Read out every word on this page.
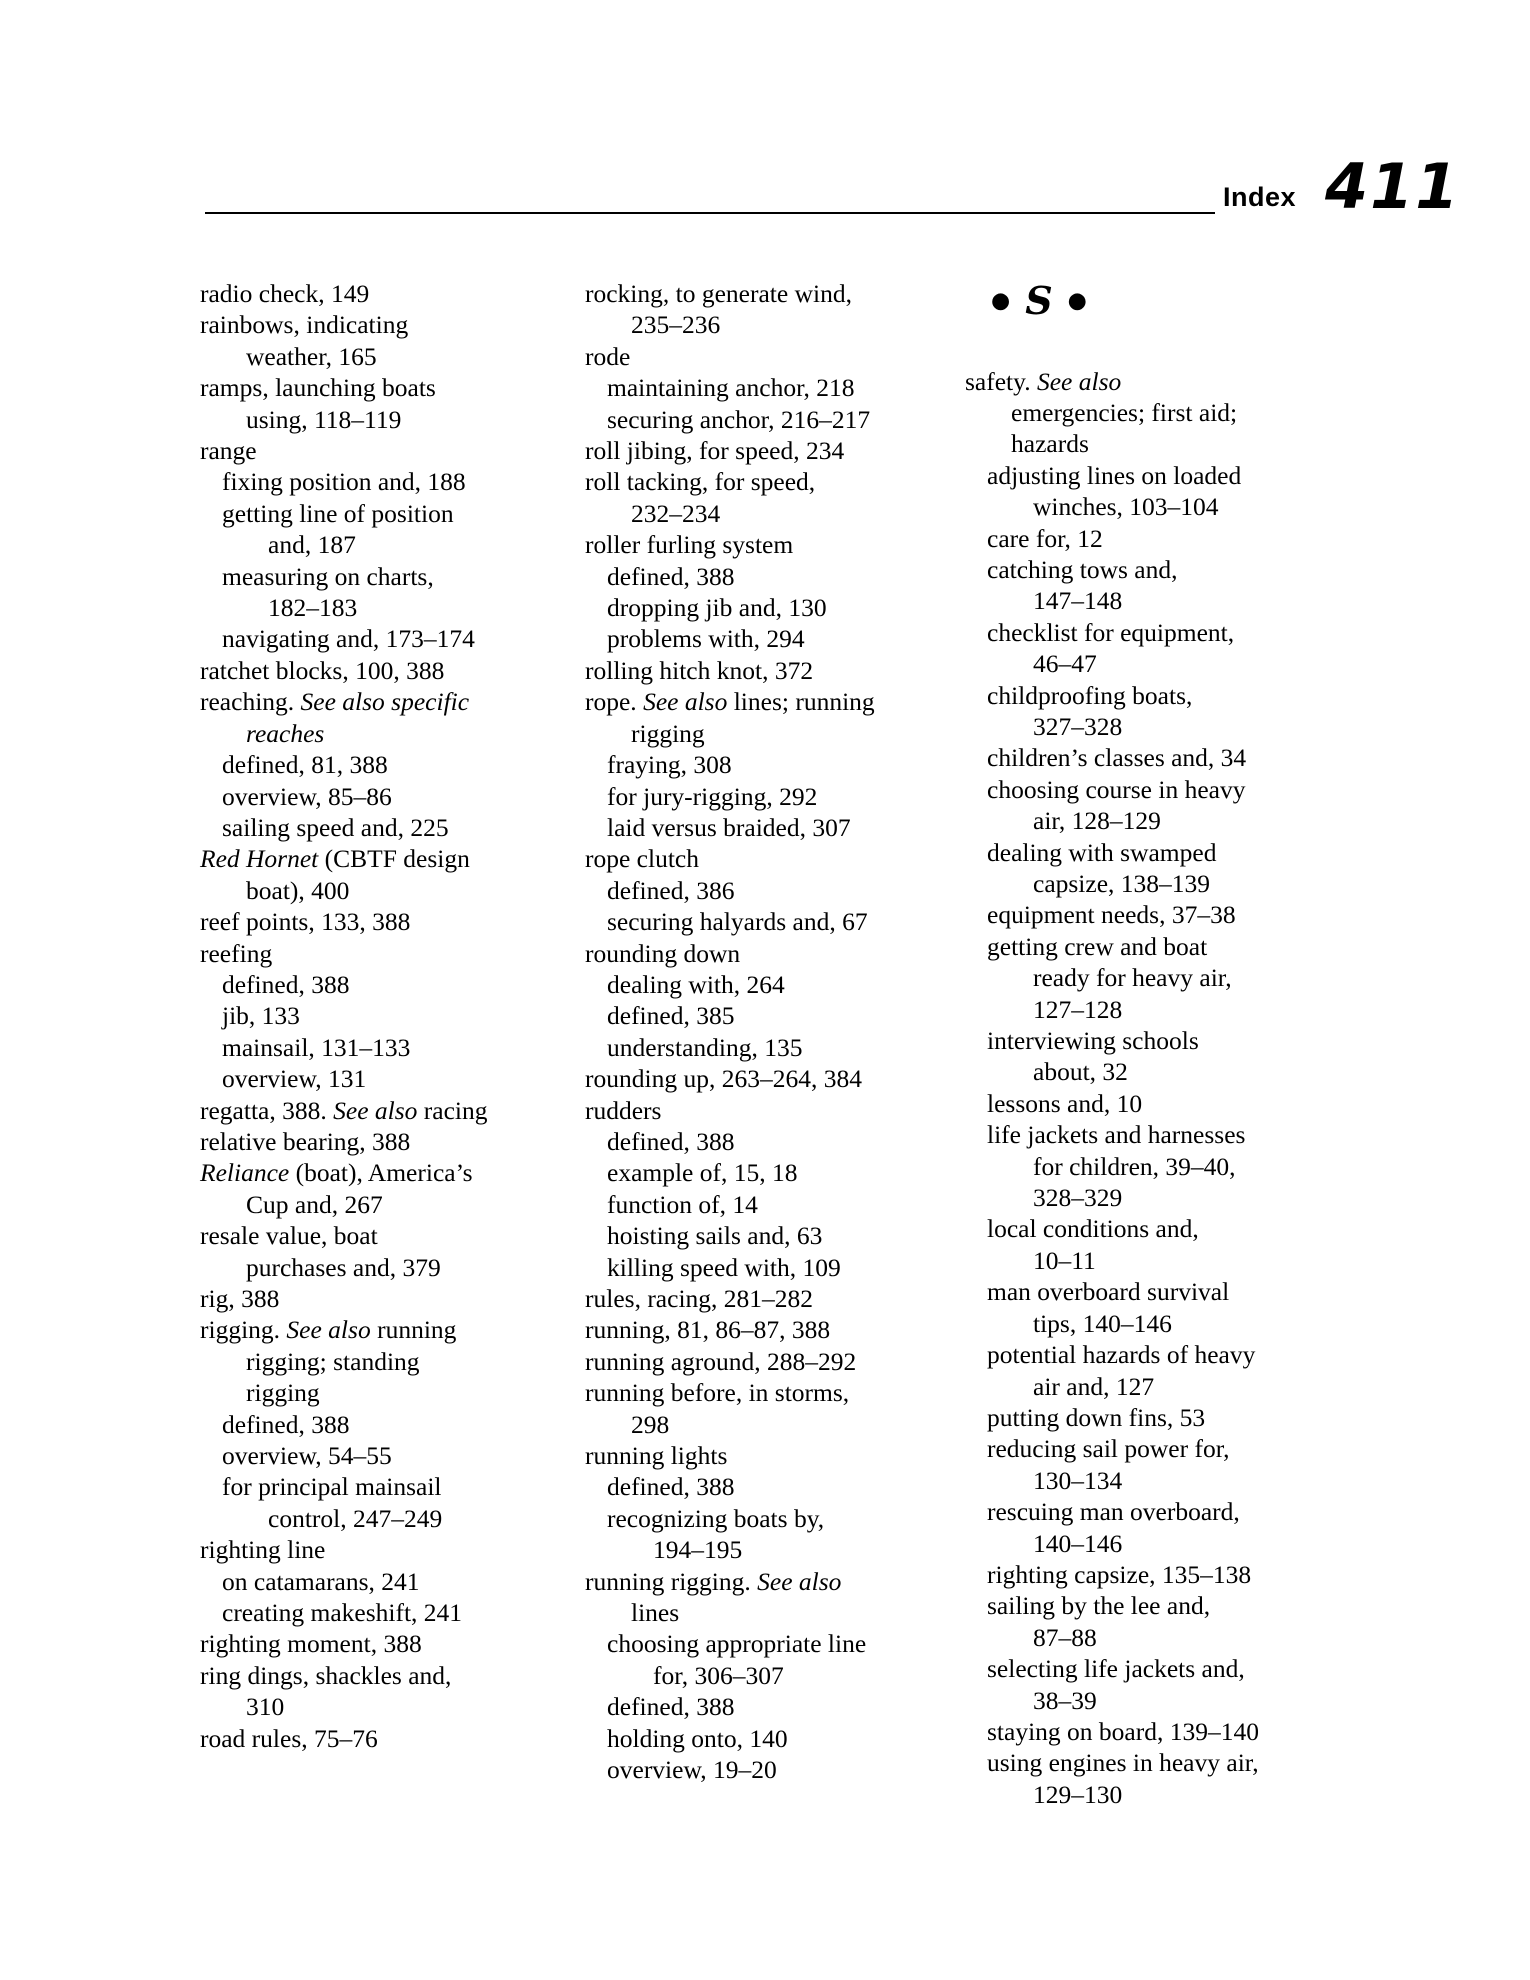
Index 411
radio check, 149
rainbows, indicating
weather, 165
ramps, launching boats
using, 118–119
range
fixing position and, 188
getting line of position
and, 187
measuring on charts,
182–183
navigating and, 173–174
ratchet blocks, 100, 388
reaching. See also specific
reaches
defined, 81, 388
overview, 85–86
sailing speed and, 225
Red Hornet (CBTF design
boat), 400
reef points, 133, 388
reefing
defined, 388
jib, 133
mainsail, 131–133
overview, 131
regatta, 388. See also racing
relative bearing, 388
Reliance (boat), America’s
Cup and, 267
resale value, boat
purchases and, 379
rig, 388
rigging. See also running
rigging; standing
rigging
defined, 388
overview, 54–55
for principal mainsail
control, 247–249
righting line
on catamarans, 241
creating makeshift, 241
righting moment, 388
ring dings, shackles and,
310
road rules, 75–76
rocking, to generate wind,
235–236
rode
maintaining anchor, 218
securing anchor, 216–217
roll jibing, for speed, 234
roll tacking, for speed,
232–234
roller furling system
defined, 388
dropping jib and, 130
problems with, 294
rolling hitch knot, 372
rope. See also lines; running
rigging
fraying, 308
for jury-rigging, 292
laid versus braided, 307
rope clutch
defined, 386
securing halyards and, 67
rounding down
dealing with, 264
defined, 385
understanding, 135
rounding up, 263–264, 384
rudders
defined, 388
example of, 15, 18
function of, 14
hoisting sails and, 63
killing speed with, 109
rules, racing, 281–282
running, 81, 86–87, 388
running aground, 288–292
running before, in storms,
298
running lights
defined, 388
recognizing boats by,
194–195
running rigging. See also
lines
choosing appropriate line
for, 306–307
defined, 388
holding onto, 140
overview, 19–20
● S ●
safety. See also
emergencies; first aid;
hazards
adjusting lines on loaded
winches, 103–104
care for, 12
catching tows and,
147–148
checklist for equipment,
46–47
childproofing boats,
327–328
children’s classes and, 34
choosing course in heavy
air, 128–129
dealing with swamped
capsize, 138–139
equipment needs, 37–38
getting crew and boat
ready for heavy air,
127–128
interviewing schools
about, 32
lessons and, 10
life jackets and harnesses
for children, 39–40,
328–329
local conditions and,
10–11
man overboard survival
tips, 140–146
potential hazards of heavy
air and, 127
putting down fins, 53
reducing sail power for,
130–134
rescuing man overboard,
140–146
righting capsize, 135–138
sailing by the lee and,
87–88
selecting life jackets and,
38–39
staying on board, 139–140
using engines in heavy air,
129–130
